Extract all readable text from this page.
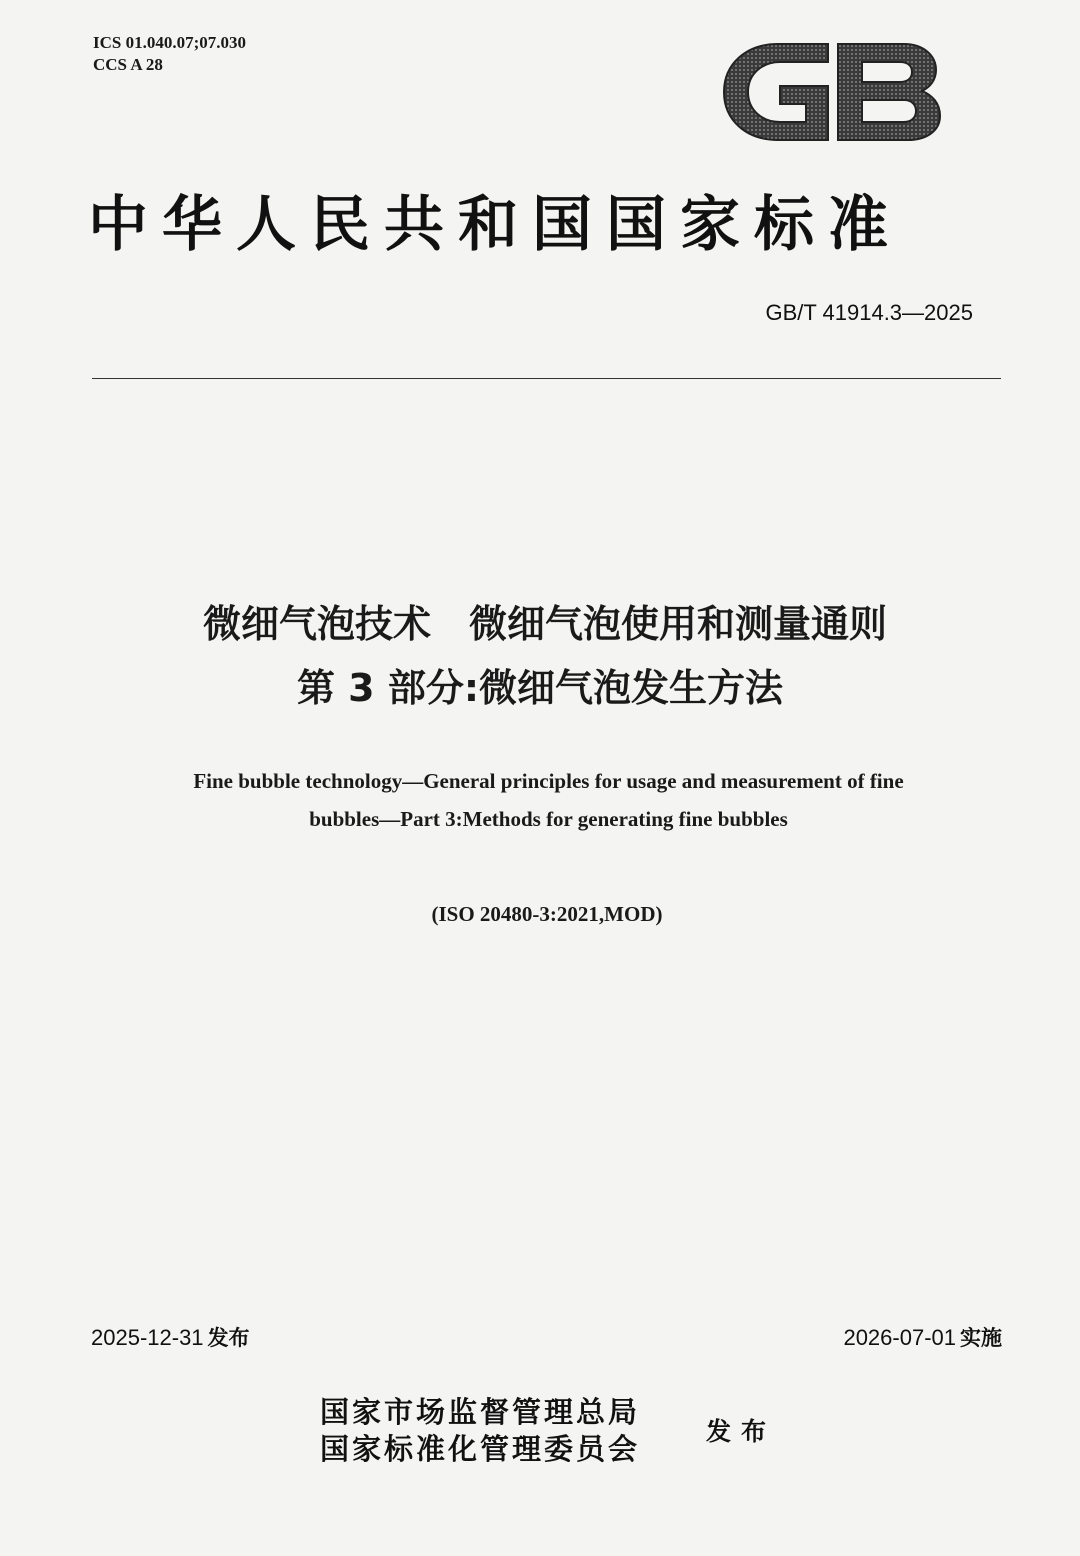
ICS 01.040.07;07.030
CCS A 28
中华人民共和国国家标准
GB/T 41914.3—2025
微细气泡技术　微细气泡使用和测量通则
第 3 部分:微细气泡发生方法
Fine bubble technology—General principles for usage and measurement of fine
bubbles—Part 3:Methods for generating fine bubbles
(ISO 20480-3:2021,MOD)
2025-12-31 发布	2026-07-01 实施
国家市场监督管理总局
国家标准化管理委员会
发布
